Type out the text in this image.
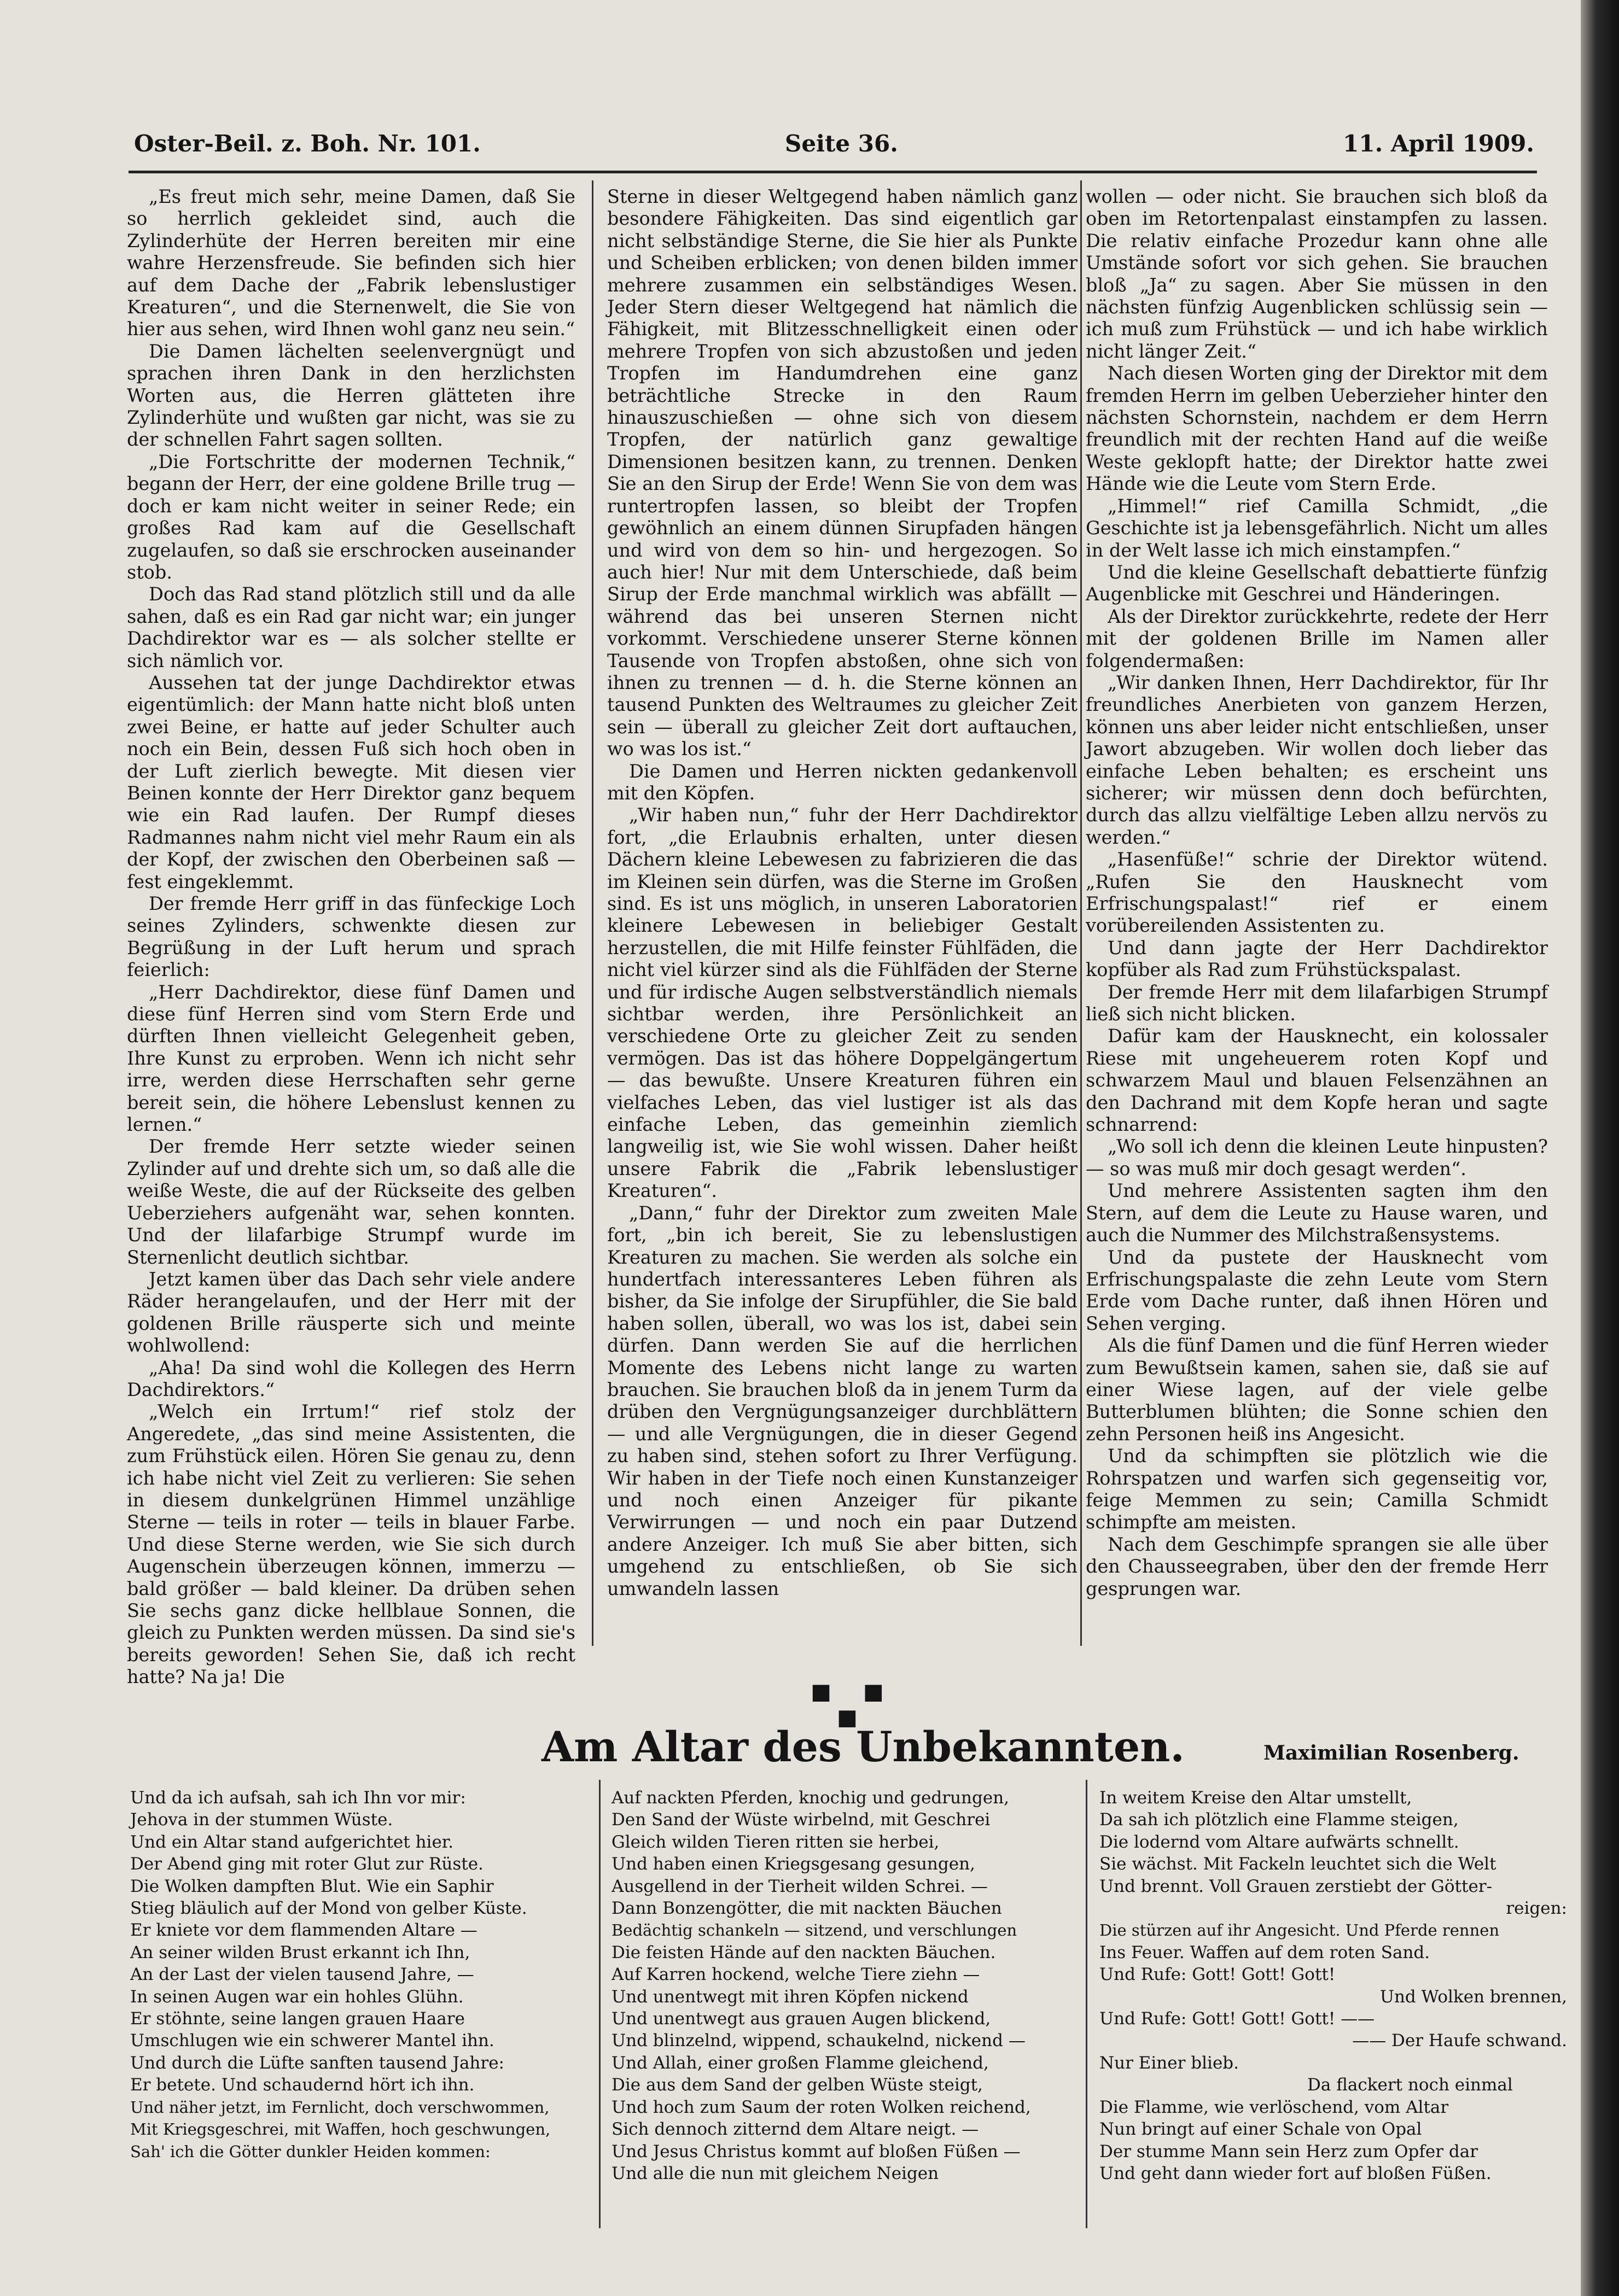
Oster-Beil. z. Boh. Nr. 101.	Seite 36.	11. April 1909.

„Es freut mich sehr, meine Damen, daß Sie so herrlich gekleidet sind, auch die Zylinderhüte der Herren bereiten mir eine wahre Herzensfreude. Sie befinden sich hier auf dem Dache der „Fabrik lebenslustiger Kreaturen“, und die Sternenwelt, die Sie von hier aus sehen, wird Ihnen wohl ganz neu sein.“

Die Damen lächelten seelenvergnügt und sprachen ihren Dank in den herzlichsten Worten aus, die Herren glätteten ihre Zylinderhüte und wußten gar nicht, was sie zu der schnellen Fahrt sagen sollten.

„Die Fortschritte der modernen Technik,“ begann der Herr, der eine goldene Brille trug — doch er kam nicht weiter in seiner Rede; ein großes Rad kam auf die Gesellschaft zugelaufen, so daß sie erschrocken auseinander stob.

Doch das Rad stand plötzlich still und da alle sahen, daß es ein Rad gar nicht war; ein junger Dachdirektor war es — als solcher stellte er sich nämlich vor.

Aussehen tat der junge Dachdirektor etwas eigentümlich: der Mann hatte nicht bloß unten zwei Beine, er hatte auf jeder Schulter auch noch ein Bein, dessen Fuß sich hoch oben in der Luft zierlich bewegte. Mit diesen vier Beinen konnte der Herr Direktor ganz bequem wie ein Rad laufen. Der Rumpf dieses Radmannes nahm nicht viel mehr Raum ein als der Kopf, der zwischen den Oberbeinen saß — fest eingeklemmt.

Der fremde Herr griff in das fünfeckige Loch seines Zylinders, schwenkte diesen zur Begrüßung in der Luft herum und sprach feierlich:

„Herr Dachdirektor, diese fünf Damen und diese fünf Herren sind vom Stern Erde und dürften Ihnen vielleicht Gelegenheit geben, Ihre Kunst zu erproben. Wenn ich nicht sehr irre, werden diese Herrschaften sehr gerne bereit sein, die höhere Lebenslust kennen zu lernen.“

Der fremde Herr setzte wieder seinen Zylinder auf und drehte sich um, so daß alle die weiße Weste, die auf der Rückseite des gelben Ueberziehers aufgenäht war, sehen konnten. Und der lilafarbige Strumpf wurde im Sternenlicht deutlich sichtbar.

Jetzt kamen über das Dach sehr viele andere Räder herangelaufen, und der Herr mit der goldenen Brille räusperte sich und meinte wohlwollend:

„Aha! Da sind wohl die Kollegen des Herrn Dachdirektors.“

„Welch ein Irrtum!“ rief stolz der Angeredete, „das sind meine Assistenten, die zum Frühstück eilen. Hören Sie genau zu, denn ich habe nicht viel Zeit zu verlieren: Sie sehen in diesem dunkelgrünen Himmel unzählige Sterne — teils in roter — teils in blauer Farbe. Und diese Sterne werden, wie Sie sich durch Augenschein überzeugen können, immerzu — bald größer — bald kleiner. Da drüben sehen Sie sechs ganz dicke hellblaue Sonnen, die gleich zu Punkten werden müssen. Da sind sie's bereits geworden! Sehen Sie, daß ich recht hatte? Na ja! Die

Sterne in dieser Weltgegend haben nämlich ganz besondere Fähigkeiten. Das sind eigentlich gar nicht selbständige Sterne, die Sie hier als Punkte und Scheiben erblicken; von denen bilden immer mehrere zusammen ein selbständiges Wesen. Jeder Stern dieser Weltgegend hat nämlich die Fähigkeit, mit Blitzesschnelligkeit einen oder mehrere Tropfen von sich abzustoßen und jeden Tropfen im Handumdrehen eine ganz beträchtliche Strecke in den Raum hinauszuschießen — ohne sich von diesem Tropfen, der natürlich ganz gewaltige Dimensionen besitzen kann, zu trennen. Denken Sie an den Sirup der Erde! Wenn Sie von dem was runtertropfen lassen, so bleibt der Tropfen gewöhnlich an einem dünnen Sirupfaden hängen und wird von dem so hin- und hergezogen. So auch hier! Nur mit dem Unterschiede, daß beim Sirup der Erde manchmal wirklich was abfällt — während das bei unseren Sternen nicht vorkommt. Verschiedene unserer Sterne können Tausende von Tropfen abstoßen, ohne sich von ihnen zu trennen — d. h. die Sterne können an tausend Punkten des Weltraumes zu gleicher Zeit sein — überall zu gleicher Zeit dort auftauchen, wo was los ist.“

Die Damen und Herren nickten gedankenvoll mit den Köpfen.

„Wir haben nun,“ fuhr der Herr Dachdirektor fort, „die Erlaubnis erhalten, unter diesen Dächern kleine Lebewesen zu fabrizieren die das im Kleinen sein dürfen, was die Sterne im Großen sind. Es ist uns möglich, in unseren Laboratorien kleinere Lebewesen in beliebiger Gestalt herzustellen, die mit Hilfe feinster Fühlfäden, die nicht viel kürzer sind als die Fühlfäden der Sterne und für irdische Augen selbstverständlich niemals sichtbar werden, ihre Persönlichkeit an verschiedene Orte zu gleicher Zeit zu senden vermögen. Das ist das höhere Doppelgängertum — das bewußte. Unsere Kreaturen führen ein vielfaches Leben, das viel lustiger ist als das einfache Leben, das gemeinhin ziemlich langweilig ist, wie Sie wohl wissen. Daher heißt unsere Fabrik die „Fabrik lebenslustiger Kreaturen“.

„Dann,“ fuhr der Direktor zum zweiten Male fort, „bin ich bereit, Sie zu lebenslustigen Kreaturen zu machen. Sie werden als solche ein hundertfach interessanteres Leben führen als bisher, da Sie infolge der Sirupfühler, die Sie bald haben sollen, überall, wo was los ist, dabei sein dürfen. Dann werden Sie auf die herrlichen Momente des Lebens nicht lange zu warten brauchen. Sie brauchen bloß da in jenem Turm da drüben den Vergnügungsanzeiger durchblättern — und alle Vergnügungen, die in dieser Gegend zu haben sind, stehen sofort zu Ihrer Verfügung. Wir haben in der Tiefe noch einen Kunstanzeiger und noch einen Anzeiger für pikante Verwirrungen — und noch ein paar Dutzend andere Anzeiger. Ich muß Sie aber bitten, sich umgehend zu entschließen, ob Sie sich umwandeln lassen

wollen — oder nicht. Sie brauchen sich bloß da oben im Retortenpalast einstampfen zu lassen. Die relativ einfache Prozedur kann ohne alle Umstände sofort vor sich gehen. Sie brauchen bloß „Ja“ zu sagen. Aber Sie müssen in den nächsten fünfzig Augenblicken schlüssig sein — ich muß zum Frühstück — und ich habe wirklich nicht länger Zeit.“

Nach diesen Worten ging der Direktor mit dem fremden Herrn im gelben Ueberzieher hinter den nächsten Schornstein, nachdem er dem Herrn freundlich mit der rechten Hand auf die weiße Weste geklopft hatte; der Direktor hatte zwei Hände wie die Leute vom Stern Erde.

„Himmel!“ rief Camilla Schmidt, „die Geschichte ist ja lebensgefährlich. Nicht um alles in der Welt lasse ich mich einstampfen.“

Und die kleine Gesellschaft debattierte fünfzig Augenblicke mit Geschrei und Händeringen.

Als der Direktor zurückkehrte, redete der Herr mit der goldenen Brille im Namen aller folgendermaßen:

„Wir danken Ihnen, Herr Dachdirektor, für Ihr freundliches Anerbieten von ganzem Herzen, können uns aber leider nicht entschließen, unser Jawort abzugeben. Wir wollen doch lieber das einfache Leben behalten; es erscheint uns sicherer; wir müssen denn doch befürchten, durch das allzu vielfältige Leben allzu nervös zu werden.“

„Hasenfüße!“ schrie der Direktor wütend. „Rufen Sie den Hausknecht vom Erfrischungspalast!“ rief er einem vorübereilenden Assistenten zu.

Und dann jagte der Herr Dachdirektor kopfüber als Rad zum Frühstückspalast.

Der fremde Herr mit dem lilafarbigen Strumpf ließ sich nicht blicken.

Dafür kam der Hausknecht, ein kolossaler Riese mit ungeheuerem roten Kopf und schwarzem Maul und blauen Felsenzähnen an den Dachrand mit dem Kopfe heran und sagte schnarrend:

„Wo soll ich denn die kleinen Leute hinpusten? — so was muß mir doch gesagt werden“.

Und mehrere Assistenten sagten ihm den Stern, auf dem die Leute zu Hause waren, und auch die Nummer des Milchstraßensystems.

Und da pustete der Hausknecht vom Erfrischungspalaste die zehn Leute vom Stern Erde vom Dache runter, daß ihnen Hören und Sehen verging.

Als die fünf Damen und die fünf Herren wieder zum Bewußtsein kamen, sahen sie, daß sie auf einer Wiese lagen, auf der viele gelbe Butterblumen blühten; die Sonne schien den zehn Personen heiß ins Angesicht.

Und da schimpften sie plötzlich wie die Rohrspatzen und warfen sich gegenseitig vor, feige Memmen zu sein; Camilla Schmidt schimpfte am meisten.

Nach dem Geschimpfe sprangen sie alle über den Chausseegraben, über den der fremde Herr gesprungen war.

■ ■ ■
Am Altar des Unbekannten.	Maximilian Rosenberg.
Und da ich aufsah, sah ich Ihn vor mir:
Jehova in der stummen Wüste.
Und ein Altar stand aufgerichtet hier.
Der Abend ging mit roter Glut zur Rüste.
Die Wolken dampften Blut. Wie ein Saphir
Stieg bläulich auf der Mond von gelber Küste.
Er kniete vor dem flammenden Altare —
An seiner wilden Brust erkannt ich Ihn,
An der Last der vielen tausend Jahre, —
In seinen Augen war ein hohles Glühn.
Er stöhnte, seine langen grauen Haare
Umschlugen wie ein schwerer Mantel ihn.
Und durch die Lüfte sanften tausend Jahre:
Er betete. Und schaudernd hört ich ihn.
Und näher jetzt, im Fernlicht, doch verschwommen,
Mit Kriegsgeschrei, mit Waffen, hoch geschwungen,
Sah' ich die Götter dunkler Heiden kommen:
Auf nackten Pferden, knochig und gedrungen,
Den Sand der Wüste wirbelnd, mit Geschrei
Gleich wilden Tieren ritten sie herbei,
Und haben einen Kriegsgesang gesungen,
Ausgellend in der Tierheit wilden Schrei. —
Dann Bonzengötter, die mit nackten Bäuchen
Bedächtig schankeln — sitzend, und verschlungen
Die feisten Hände auf den nackten Bäuchen.
Auf Karren hockend, welche Tiere ziehn —
Und unentwegt mit ihren Köpfen nickend
Und unentwegt aus grauen Augen blickend,
Und blinzelnd, wippend, schaukelnd, nickend —
Und Allah, einer großen Flamme gleichend,
Die aus dem Sand der gelben Wüste steigt,
Und hoch zum Saum der roten Wolken reichend,
Sich dennoch zitternd dem Altare neigt. —
Und Jesus Christus kommt auf bloßen Füßen —
Und alle die nun mit gleichem Neigen
In weitem Kreise den Altar umstellt,
Da sah ich plötzlich eine Flamme steigen,
Die lodernd vom Altare aufwärts schnellt.
Sie wächst. Mit Fackeln leuchtet sich die Welt
Und brennt. Voll Grauen zerstiebt der Götter-
reigen:
Die stürzen auf ihr Angesicht. Und Pferde rennen
Ins Feuer. Waffen auf dem roten Sand.
Und Rufe: Gott! Gott! Gott!
Und Wolken brennen,
Und Rufe: Gott! Gott! Gott! ——
—— Der Haufe schwand.
Nur Einer blieb.
Da flackert noch einmal
Die Flamme, wie verlöschend, vom Altar
Nun bringt auf einer Schale von Opal
Der stumme Mann sein Herz zum Opfer dar
Und geht dann wieder fort auf bloßen Füßen.
